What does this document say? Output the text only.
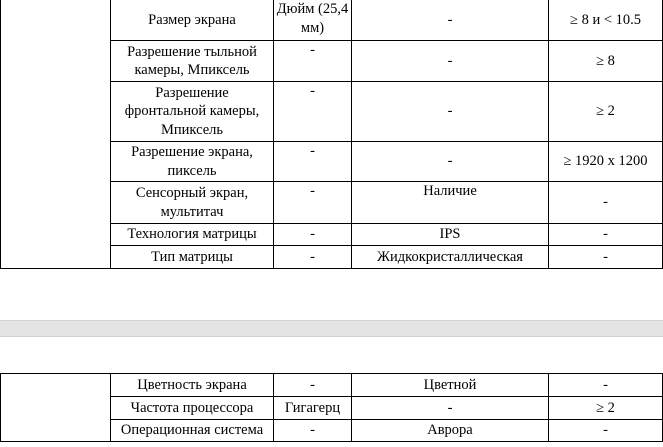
	Размер экрана	Дюйм (25,4 мм)	-	≥ 8 и < 10.5
	Разрешение тыльной камеры, Мпиксель	-	-	≥ 8
	Разрешение фронтальной камеры, Мпиксель	-	-	≥ 2
	Разрешение экрана, пиксель	-	-	≥ 1920 x 1200
	Сенсорный экран, мультитач	-	Наличие	-
	Технология матрицы	-	IPS	-
	Тип матрицы	-	Жидкокристаллическая	-
	Цветность экрана	-	Цветной	-
	Частота процессора	Гигагерц	-	≥ 2
	Операционная система	-	Аврора	-
